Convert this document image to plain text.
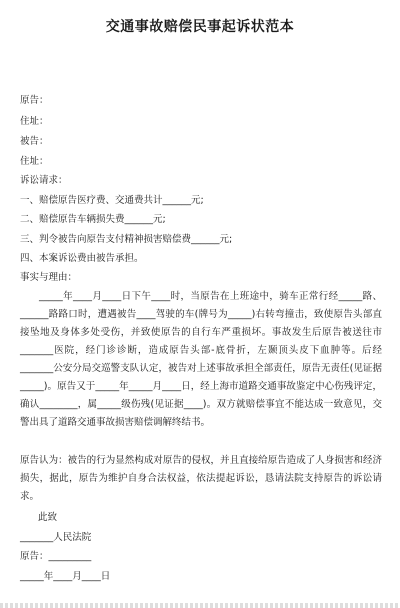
交通事故赔偿民事起诉状范本
原告：
住址：
被告：
住址：
诉讼请求：
一、赔偿原告医疗费、交通费共计______元;
二、赔偿原告车辆损失费______元;
三、判令被告向原告支付精神损害赔偿费______元;
四、本案诉讼费由被告承担。
事实与理由：
_____年____月____日下午____时，当原告在上班途中，骑车正常行经_____路、______路路口时，遭遇被告____驾驶的车(牌号为_____)右转弯撞击，致使原告头部直接坠地及身体多处受伤，并致使原告的自行车严重损坏。事故发生后原告被送往市_______医院，经门诊诊断，造成原告头部-底骨折，左颞顶头皮下血肿等。后经_______公安分局交巡警支队认定，被告对上述事故承担全部责任，原告无责任(见证据_____)。原告又于_____年_____月____日，经上海市道路交通事故鉴定中心伤残评定，确认________，属_____级伤残(见证据____)。双方就赔偿事宜不能达成一致意见，交警出具了道路交通事故损害赔偿调解终结书。
原告认为：被告的行为显然构成对原告的侵权，并且直接给原告造成了人身损害和经济损失，据此，原告为维护自身合法权益，依法提起诉讼，恳请法院支持原告的诉讼请求。
此致
_______人民法院
原告：_________
_____年____月____日
